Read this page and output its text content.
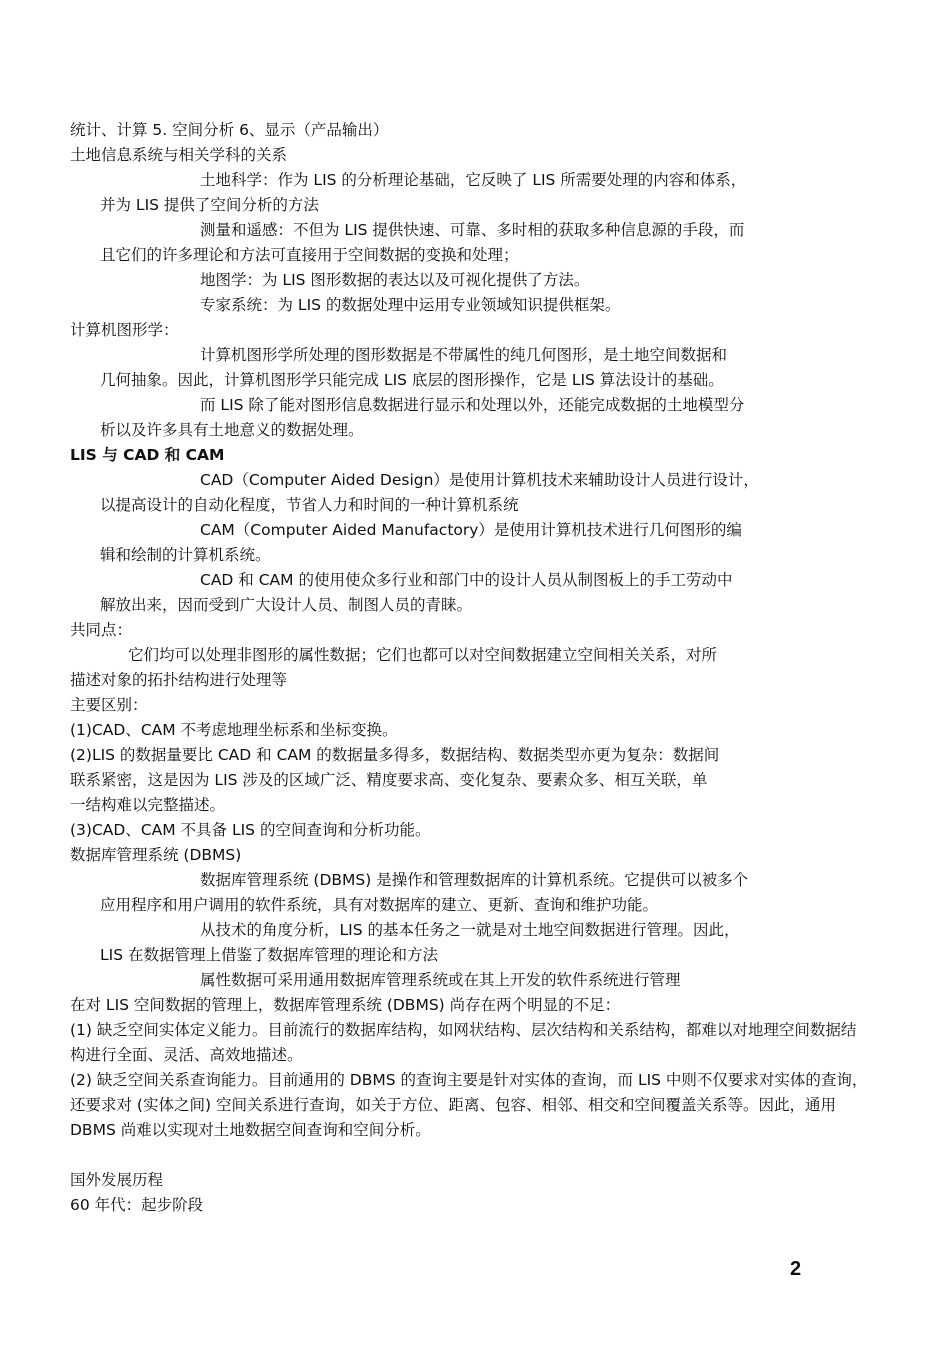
统计、计算 5. 空间分析 6、显示（产品输出）
土地信息系统与相关学科的关系
土地科学：作为 LIS 的分析理论基础，它反映了 LIS 所需要处理的内容和体系，
并为 LIS 提供了空间分析的方法
测量和遥感：不但为 LIS 提供快速、可靠、多时相的获取多种信息源的手段，而
且它们的许多理论和方法可直接用于空间数据的变换和处理；
地图学：为 LIS 图形数据的表达以及可视化提供了方法。
专家系统：为 LIS 的数据处理中运用专业领域知识提供框架。
计算机图形学：
计算机图形学所处理的图形数据是不带属性的纯几何图形，是土地空间数据和
几何抽象。因此，计算机图形学只能完成 LIS 底层的图形操作，它是 LIS 算法设计的基础。
而 LIS 除了能对图形信息数据进行显示和处理以外，还能完成数据的土地模型分
析以及许多具有土地意义的数据处理。
LIS 与 CAD 和 CAM
CAD（Computer Aided Design）是使用计算机技术来辅助设计人员进行设计，
以提高设计的自动化程度，节省人力和时间的一种计算机系统
CAM（Computer Aided Manufactory）是使用计算机技术进行几何图形的编
辑和绘制的计算机系统。
CAD 和 CAM 的使用使众多行业和部门中的设计人员从制图板上的手工劳动中
解放出来，因而受到广大设计人员、制图人员的青睐。
共同点：
它们均可以处理非图形的属性数据；它们也都可以对空间数据建立空间相关关系，对所
描述对象的拓扑结构进行处理等
主要区别：
(1)CAD、CAM 不考虑地理坐标系和坐标变换。
(2)LIS 的数据量要比 CAD 和 CAM 的数据量多得多，数据结构、数据类型亦更为复杂：数据间
联系紧密，这是因为 LIS 涉及的区域广泛、精度要求高、变化复杂、要素众多、相互关联，单
一结构难以完整描述。
(3)CAD、CAM 不具备 LIS 的空间查询和分析功能。
数据库管理系统 (DBMS)
数据库管理系统 (DBMS) 是操作和管理数据库的计算机系统。它提供可以被多个
应用程序和用户调用的软件系统，具有对数据库的建立、更新、查询和维护功能。
从技术的角度分析，LIS 的基本任务之一就是对土地空间数据进行管理。因此，
LIS 在数据管理上借鉴了数据库管理的理论和方法
属性数据可采用通用数据库管理系统或在其上开发的软件系统进行管理
在对 LIS 空间数据的管理上，数据库管理系统 (DBMS) 尚存在两个明显的不足：
(1) 缺乏空间实体定义能力。目前流行的数据库结构，如网状结构、层次结构和关系结构，都难以对地理空间数据结构进行全面、灵活、高效地描述。
(2) 缺乏空间关系查询能力。目前通用的 DBMS 的查询主要是针对实体的查询，而 LIS 中则不仅要求对实体的查询，还要求对 (实体之间) 空间关系进行查询，如关于方位、距离、包容、相邻、相交和空间覆盖关系等。因此，通用 DBMS 尚难以实现对土地数据空间查询和空间分析。
国外发展历程
60 年代：起步阶段
2
